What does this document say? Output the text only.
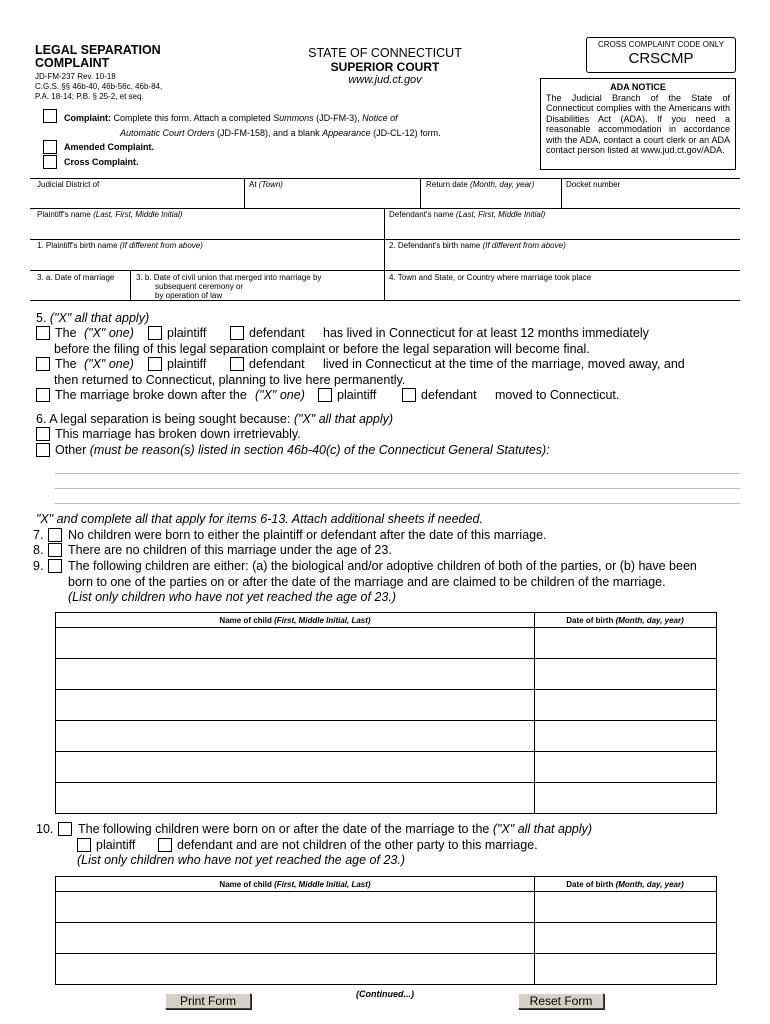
LEGAL SEPARATION
COMPLAINT
JD-FM-237 Rev. 10-18
C.G.S. §§ 46b-40, 46b-56c, 46b-84,
P.A. 18-14; P.B. § 25-2, et seq.
STATE OF CONNECTICUT
SUPERIOR COURT
www.jud.ct.gov
CROSS COMPLAINT CODE ONLY
CRSCMP
ADA NOTICE
The Judicial Branch of the State of Connecticut complies with the Americans with Disabilities Act (ADA). If you need a reasonable accommodation in accordance with the ADA, contact a court clerk or an ADA contact person listed at www.jud.ct.gov/ADA.
Complaint: Complete this form. Attach a completed Summons (JD-FM-3), Notice of
Automatic Court Orders (JD-FM-158), and a blank Appearance (JD-CL-12) form.
Amended Complaint.
Cross Complaint.
Judicial District of	At (Town)	Return date (Month, day, year)	Docket number
Plaintiff's name (Last, First, Middle Initial)	Defendant's name (Last, First, Middle Initial)
1. Plaintiff's birth name (If different from above)	2. Defendant's birth name (If different from above)
3. a. Date of marriage	3. b. Date of civil union that merged into marriage by
subsequent ceremony or
by operation of law
4. Town and State, or Country where marriage took place
5. ("X" all that apply)
The ("X" one)	plaintiff	defendant has lived in Connecticut for at least 12 months immediately
before the filing of this legal separation complaint or before the legal separation will become final.
The ("X" one)	plaintiff	defendant lived in Connecticut at the time of the marriage, moved away, and
then returned to Connecticut, planning to live here permanently.
The marriage broke down after the ("X" one)	plaintiff	defendant moved to Connecticut.
6. A legal separation is being sought because: ("X" all that apply)
This marriage has broken down irretrievably.
Other (must be reason(s) listed in section 46b-40(c) of the Connecticut General Statutes):
"X" and complete all that apply for items 6-13. Attach additional sheets if needed.
7. No children were born to either the plaintiff or defendant after the date of this marriage.
8. There are no children of this marriage under the age of 23.
9. The following children are either: (a) the biological and/or adoptive children of both of the parties, or (b) have been
born to one of the parties on or after the date of the marriage and are claimed to be children of the marriage.
(List only children who have not yet reached the age of 23.)
Name of child (First, Middle Initial, Last)	Date of birth (Month, day, year)
10. The following children were born on or after the date of the marriage to the ("X" all that apply)
plaintiff	defendant and are not children of the other party to this marriage.
(List only children who have not yet reached the age of 23.)
Name of child (First, Middle Initial, Last)	Date of birth (Month, day, year)
Print Form	(Continued...)	Reset Form
